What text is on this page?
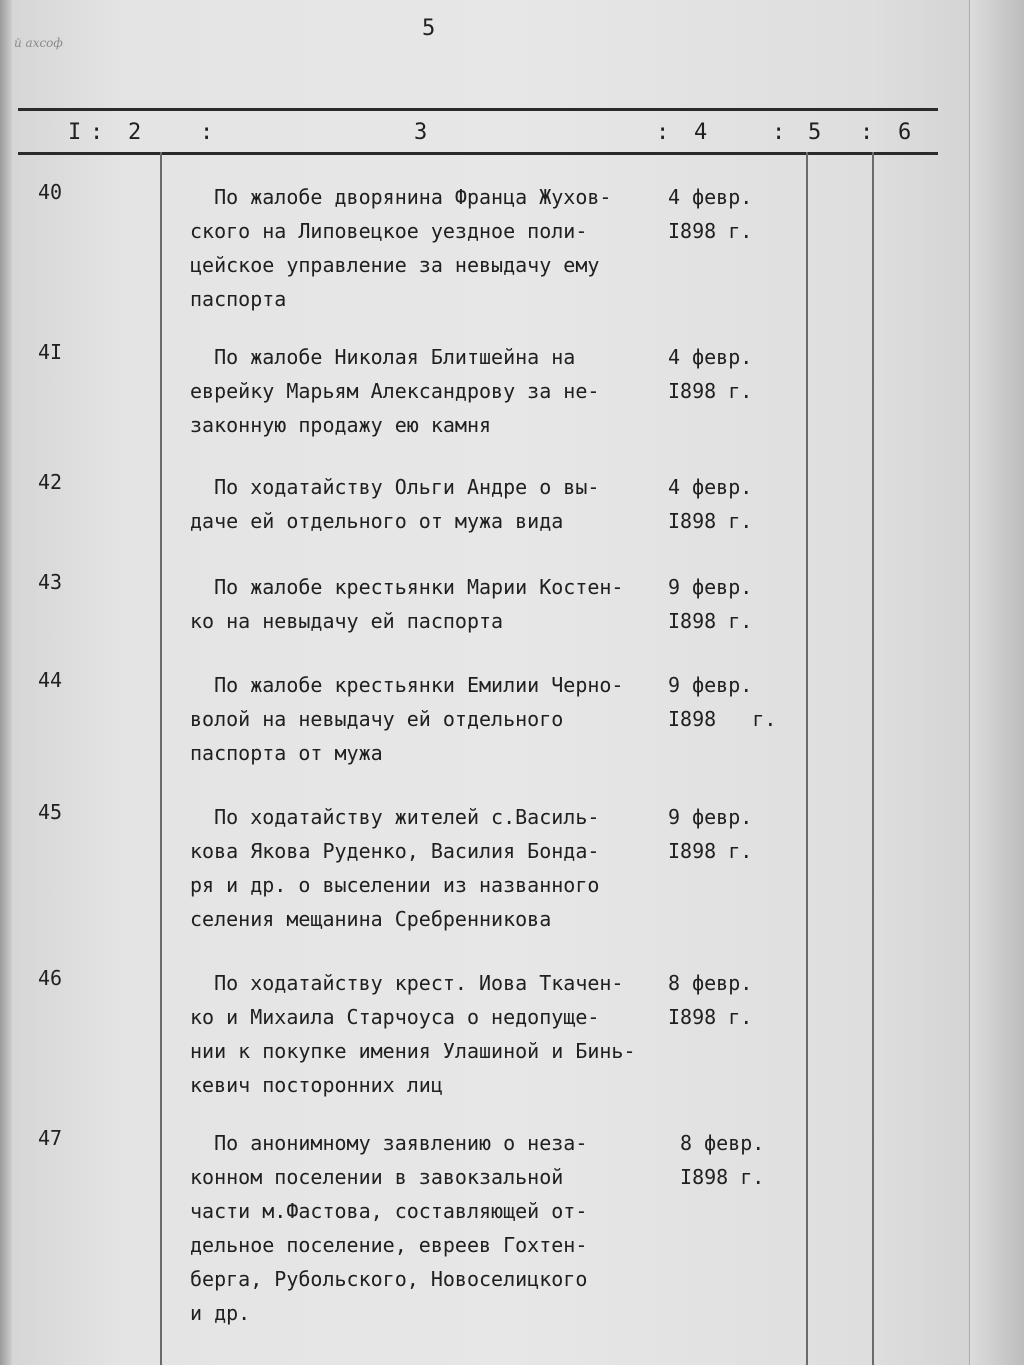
й ахсоф
5
I : 2	:	3	: 4	: 5 : 6
40	По жалобе дворянина Франца Жухов-
ского на Липовецкое уездное поли-
цейское управление за невыдачу ему
паспорта
4 февр.
I898 г.
4I	По жалобе Николая Блитшейна на
еврейку Марьям Александрову за не-
законную продажу ею камня
4 февр.
I898 г.
42	По ходатайству Ольги Андре о вы-
даче ей отдельного от мужа вида
4 февр.
I898 г.
43	По жалобе крестьянки Марии Костен-
ко на невыдачу ей паспорта
9 февр.
I898 г.
44	По жалобе крестьянки Емилии Черно-
волой на невыдачу ей отдельного
паспорта от мужа
9 февр.
I898   г.
45	По ходатайству жителей с.Василь-
кова Якова Руденко, Василия Бонда-
ря и др. о выселении из названного
селения мещанина Сребренникова
9 февр.
I898 г.
46	По ходатайству крест. Иова Ткачен-
ко и Михаила Старчоуса о недопуще-
нии к покупке имения Улашиной и Бинь-
кевич посторонних лиц
8 февр.
I898 г.
47	По анонимному заявлению о неза-
конном поселении в завокзальной
части м.Фастова, составляющей от-
дельное поселение, евреев Гохтен-
берга, Рубольского, Новоселицкого
и др.
8 февр.
I898 г.
